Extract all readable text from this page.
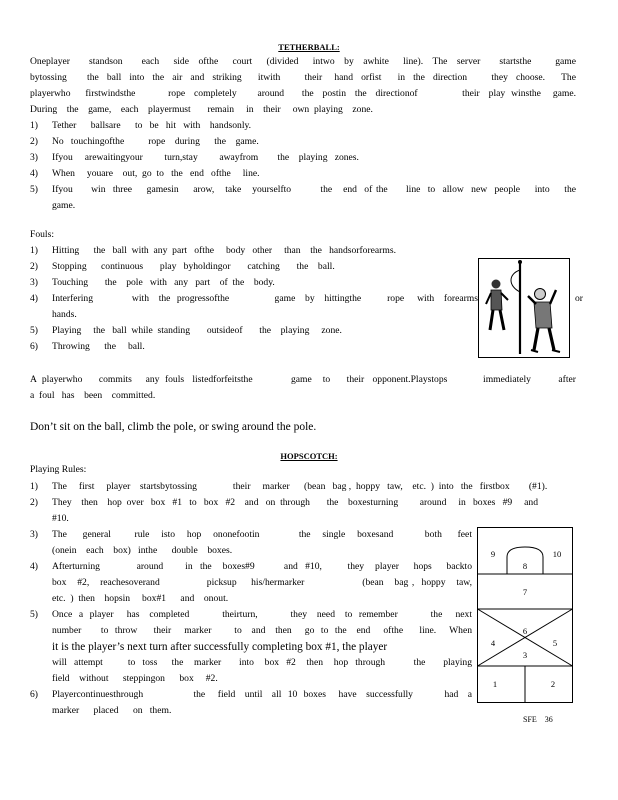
TETHERBALL:
Oneplayer    standson    each   side  ofthe   court   (divided   intwo  by  awhite   line).  The  server    startsthe     game
bytossing     the  ball  into  the  air  and  striking    itwith      their   hand  orfist    in  the  direction      they  choose.    The
playerwho     firstwindsthe           rope   completely       around      the   postin   the   directionof               their   play  winsthe    game.
During    the    game,    each    playermust       remain     in    their     own  playing    zone.
1) Tether      ballsare      to   be   hit   with    handsonly.
2) No   touchingofthe          rope    during      the    game.
3) Ifyou     arewaitingyour         turn,stay         awayfrom        the    playing   zones.
4) When     youare    out,  go  to   the   end   ofthe     line.
5) Ifyou     win  three    gamesin    arow,   take   yourselfto        the   end  of the     line  to  allow  new  people    into    the
game.
Fouls:
1) Hitting      the   ball  with  any  part   ofthe     body   other     than    the   handsorforearms.
2) Stopping      continuous       play   byholdingor       catching       the    ball.
3) Touching       the    pole   with   any   part    of  the    body.
4) Interfering            with   the  progressofthe              game   by   hittingthe        rope    with   forearms
hands.
or
5) Playing     the   ball  while  standing       outsideof       the    playing     zone.
6) Throwing      the     ball.
A  playerwho      commits     any  fouls   listedforfeitsthe              game    to      their   opponent.Playstops             immediately          after
a  foul   has    been    committed.
Don’t sit on the ball, climb the pole, or swing around the pole.
HOPSCOTCH:
Playing Rules:
1) The     first     player    startsbytossing               their     marker      (bean   bag ,  hoppy   taw,    etc.  )  into   the   firstbox        (#1).
2) They    then    hop  over   box   #1   to   box   #2    and   on  through       the    boxesturning         around     in   boxes   #9     and
#10.
3) The    general      rule   isto   hop   ononefootin          the   single   boxesand        both    feet
(onein    each    box)   inthe      double    boxes.
4) Afterturning          around      in  the   boxes#9        and  #10,       they   player    hops    backto
box   #2,   reachesoverand             picksup    his/hermarker                (bean   bag ,  hoppy   taw,
etc.  )  then    hopsin     box#1      and    onout.
5) Once  a  player    has   completed          theirturn,          they   need   to  remember          the    next
number      to  throw     their    marker       to   and   then    go  to  the   end    ofthe     line.    When
it is the player’s next turn after successfully completing box #1, the player
will  attempt       to  toss    the   marker     into   box  #2   then   hop  through        the     playing
field    without      steppingon      box     #2.
6) Playercontinuesthrough                the    field   until   all  10  boxes    have   successfully          had   a
marker      placed      on   them.
9	10
8
7
6
4	5
3
1	2
SFE    36
